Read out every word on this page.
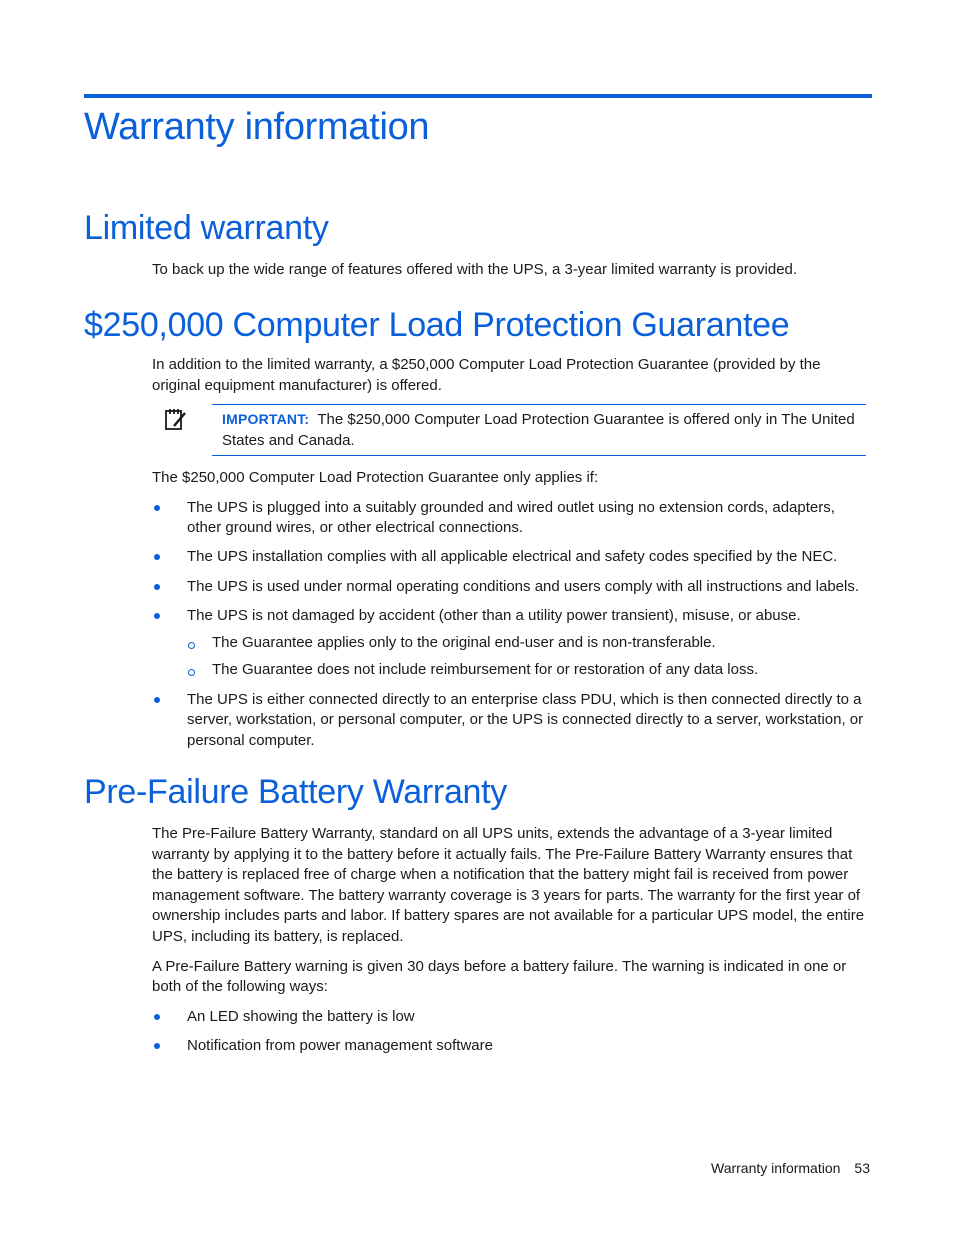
Warranty information
Limited warranty

To back up the wide range of features offered with the UPS, a 3-year limited warranty is provided.

$250,000 Computer Load Protection Guarantee

In addition to the limited warranty, a $250,000 Computer Load Protection Guarantee (provided by the original equipment manufacturer) is offered.

IMPORTANT: The $250,000 Computer Load Protection Guarantee is offered only in The United States and Canada.

The $250,000 Computer Load Protection Guarantee only applies if:

The UPS is plugged into a suitably grounded and wired outlet using no extension cords, adapters, other ground wires, or other electrical connections.
The UPS installation complies with all applicable electrical and safety codes specified by the NEC.
The UPS is used under normal operating conditions and users comply with all instructions and labels.
The UPS is not damaged by accident (other than a utility power transient), misuse, or abuse.
The Guarantee applies only to the original end-user and is non-transferable.
The Guarantee does not include reimbursement for or restoration of any data loss.
The UPS is either connected directly to an enterprise class PDU, which is then connected directly to a server, workstation, or personal computer, or the UPS is connected directly to a server, workstation, or personal computer.
Pre-Failure Battery Warranty

The Pre-Failure Battery Warranty, standard on all UPS units, extends the advantage of a 3-year limited warranty by applying it to the battery before it actually fails. The Pre-Failure Battery Warranty ensures that the battery is replaced free of charge when a notification that the battery might fail is received from power management software. The battery warranty coverage is 3 years for parts. The warranty for the first year of ownership includes parts and labor. If battery spares are not available for a particular UPS model, the entire UPS, including its battery, is replaced.

A Pre-Failure Battery warning is given 30 days before a battery failure. The warning is indicated in one or both of the following ways:

An LED showing the battery is low
Notification from power management software
Warranty information 53
